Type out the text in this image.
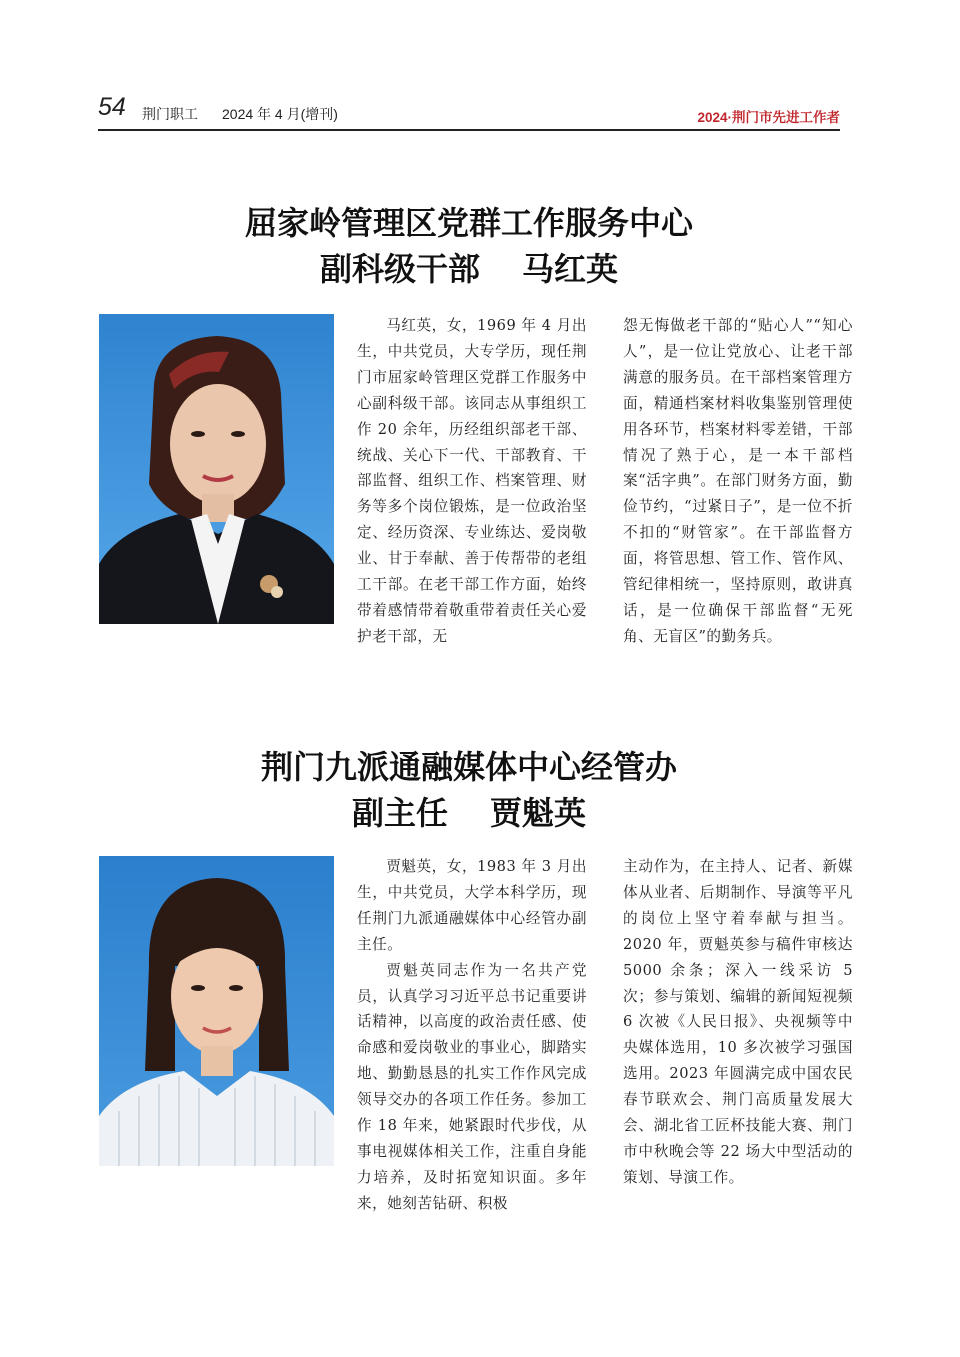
54 荆门职工 2024 年 4 月(增刊)	2024·荆门市先进工作者
屈家岭管理区党群工作服务中心
副科级干部 马红英

马红英，女，1969 年 4 月出生，中共党员，大专学历，现任荆门市屈家岭管理区党群工作服务中心副科级干部。该同志从事组织工作 20 余年，历经组织部老干部、统战、关心下一代、干部教育、干部监督、组织工作、档案管理、财务等多个岗位锻炼，是一位政治坚定、经历资深、专业练达、爱岗敬业、甘于奉献、善于传帮带的老组工干部。在老干部工作方面，始终带着感情带着敬重带着责任关心爱护老干部，无

怨无悔做老干部的“贴心人”“知心人”，是一位让党放心、让老干部满意的服务员。在干部档案管理方面，精通档案材料收集鉴别管理使用各环节，档案材料零差错，干部情况了熟于心，是一本干部档案“活字典”。在部门财务方面，勤俭节约，“过紧日子”，是一位不折不扣的“财管家”。在干部监督方面，将管思想、管工作、管作风、管纪律相统一，坚持原则，敢讲真话，是一位确保干部监督“无死角、无盲区”的勤务兵。

荆门九派通融媒体中心经管办
副主任 贾魁英

贾魁英，女，1983 年 3 月出生，中共党员，大学本科学历，现任荆门九派通融媒体中心经管办副主任。

贾魁英同志作为一名共产党员，认真学习习近平总书记重要讲话精神，以高度的政治责任感、使命感和爱岗敬业的事业心，脚踏实地、勤勤恳恳的扎实工作作风完成领导交办的各项工作任务。参加工作 18 年来，她紧跟时代步伐，从事电视媒体相关工作，注重自身能力培养，及时拓宽知识面。多年来，她刻苦钻研、积极

主动作为，在主持人、记者、新媒体从业者、后期制作、导演等平凡的岗位上坚守着奉献与担当。2020 年，贾魁英参与稿件审核达 5000 余条；深入一线采访 5 次；参与策划、编辑的新闻短视频 6 次被《人民日报》、央视频等中央媒体选用，10 多次被学习强国选用。2023 年圆满完成中国农民春节联欢会、荆门高质量发展大会、湖北省工匠杯技能大赛、荆门市中秋晚会等 22 场大中型活动的策划、导演工作。
